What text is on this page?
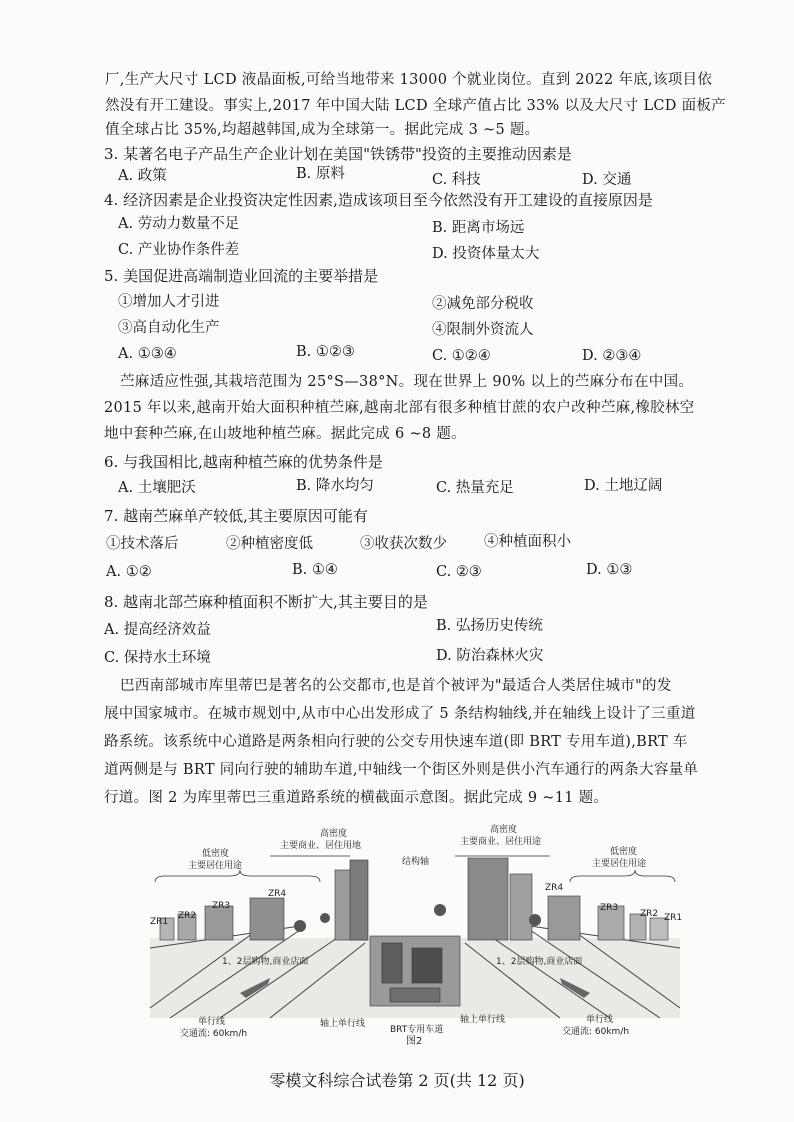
厂,生产大尺寸 LCD 液晶面板,可给当地带来 13000 个就业岗位。直到 2022 年底,该项目依
然没有开工建设。事实上,2017 年中国大陆 LCD 全球产值占比 33% 以及大尺寸 LCD 面板产
值全球占比 35%,均超越韩国,成为全球第一。据此完成 3 ~5 题。
3. 某著名电子产品生产企业计划在美国"铁锈带"投资的主要推动因素是
A. 政策	B. 原料	C. 科技	D. 交通
4. 经济因素是企业投资决定性因素,造成该项目至今依然没有开工建设的直接原因是
A. 劳动力数量不足	B. 距离市场远
C. 产业协作条件差	D. 投资体量太大
5. 美国促进高端制造业回流的主要举措是
①增加人才引进	②减免部分税收
③高自动化生产	④限制外资流人
A. ①③④	B. ①②③	C. ①②④	D. ②③④
苎麻适应性强,其栽培范围为 25°S—38°N。现在世界上 90% 以上的苎麻分布在中国。
2015 年以来,越南开始大面积种植苎麻,越南北部有很多种植甘蔗的农户改种苎麻,橡胶林空
地中套种苎麻,在山坡地种植苎麻。据此完成 6 ~8 题。
6. 与我国相比,越南种植苎麻的优势条件是
A. 土壤肥沃	B. 降水均匀	C. 热量充足	D. 土地辽阔
7. 越南苎麻单产较低,其主要原因可能有
①技术落后	②种植密度低	③收获次数少	④种植面积小
A. ①②	B. ①④	C. ②③	D. ①③
8. 越南北部苎麻种植面积不断扩大,其主要目的是
A. 提高经济效益	B. 弘扬历史传统
C. 保持水土环境	D. 防治森林火灾
巴西南部城市库里蒂巴是著名的公交都市,也是首个被评为"最适合人类居住城市"的发
展中国家城市。在城市规划中,从市中心出发形成了 5 条结构轴线,并在轴线上设计了三重道
路系统。该系统中心道路是两条相向行驶的公交专用快速车道(即 BRT 专用车道),BRT 车
道两侧是与 BRT 同向行驶的辅助车道,中轴线一个街区外则是供小汽车通行的两条大容量单
行道。图 2 为库里蒂巴三重道路系统的横截面示意图。据此完成 9 ~11 题。
低密度
主要居住用途
高密度
主要商业、居住用地
结构轴
高密度
主要商业、居住用途
低密度
主要居住用途
ZR1
ZR2
ZR3
ZR4
ZR4
ZR3
ZR2 ZR1
1、2层购物,商业店面	1、2层购物,商业店面
单行线
交通流: 60km/h
轴上单行线
BRT专用车道
轴上单行线	单行线
交通流: 60km/h
图2
零模文科综合试卷第 2 页(共 12 页)
